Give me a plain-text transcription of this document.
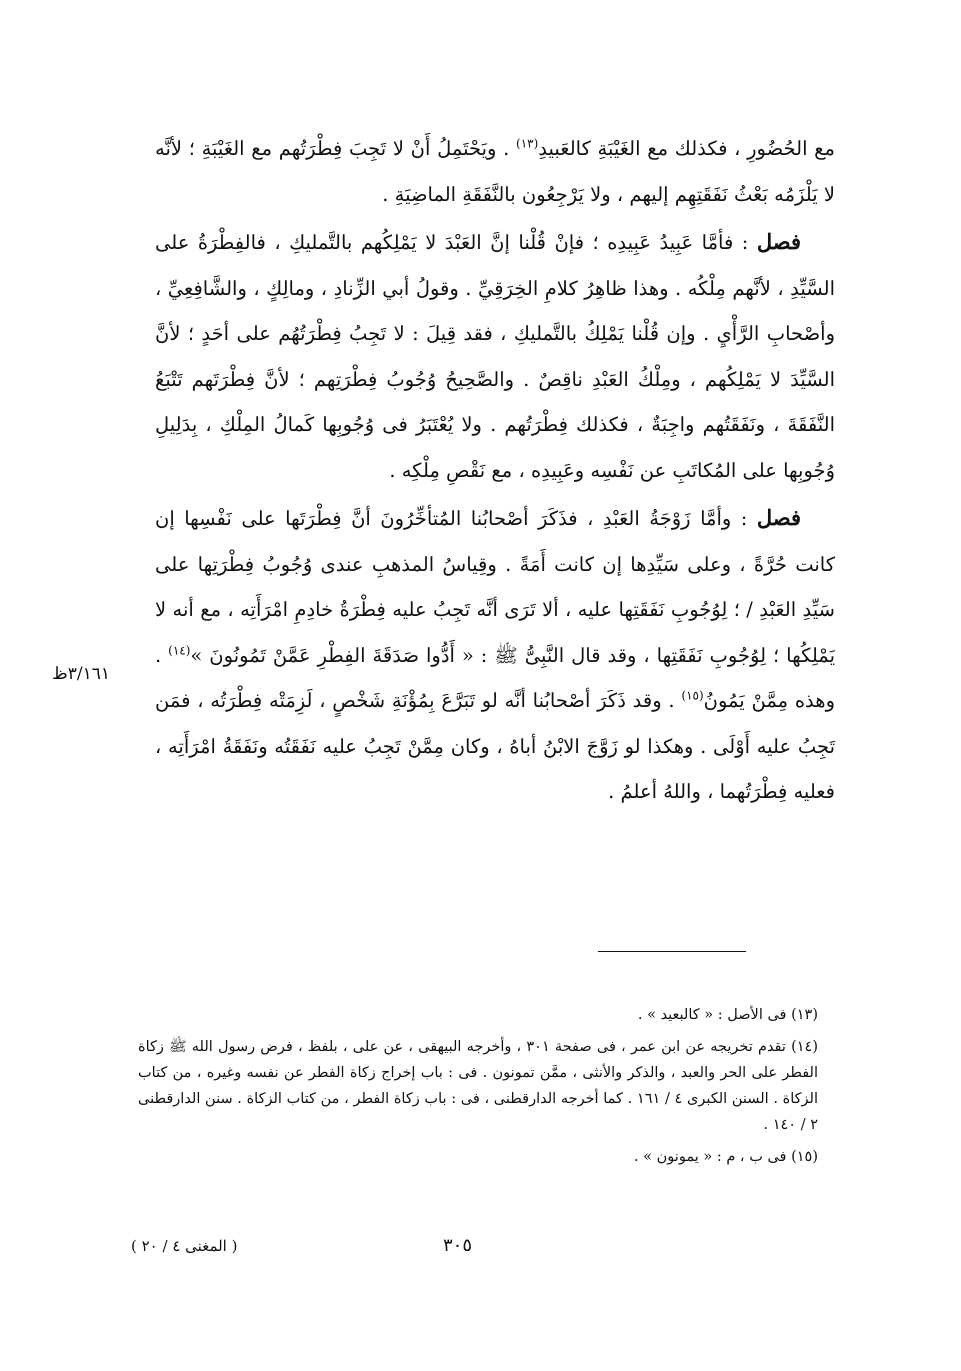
مع الحُضُورِ ، فكذلك مع الغَيْبَةِ كالعَبيدِ$^{(١٣)}$ . ويَحْتَمِلُ أَنْ لا تَجِبَ فِطْرَتُهم مع الغَيْبَةِ ؛ لأنَّه لا يَلْزَمُه بَعْثُ نَفَقَتِهِم إليهم ، ولا يَرْجِعُون بالنَّفَقَةِ الماضِيَةِ .

فصل : فأمَّا عَبِيدُ عَبِيدِه ؛ فإنْ قُلْنا إنَّ العَبْدَ لا يَمْلِكُهم بالتَّمليكِ ، فالفِطْرَةُ على السَّيِّدِ ، لأنَّهم مِلْكُه . وهذا ظاهِرُ كلامِ الخِرَقِيِّ . وقولُ أبي الزِّنادِ ، ومالِكٍ ، والشَّافِعِيِّ ، وأصْحابِ الرَّأْيِ . وإن قُلْنا يَمْلِكُ بالتَّمليكِ ، فقد قِيلَ : لا تَجِبُ فِطْرَتُهُم على أحَدٍ ؛ لأنَّ السَّيِّدَ لا يَمْلِكُهم ، ومِلْكُ العَبْدِ ناقِصٌ . والصَّحِيحُ وُجُوبُ فِطْرَتِهم ؛ لأنَّ فِطْرَتَهم تَتْبَعُ النَّفَقَةَ ، ونَفَقَتُهم واجِبَةٌ ، فكذلك فِطْرَتُهم . ولا يُعْتَبَرُ فى وُجُوبِها كَمالُ المِلْكِ ، بِدَلِيلِ وُجُوبِها على المُكاتَبِ عن نَفْسِه وعَبِيدِه ، مع نَقْصِ مِلْكِه .

فصل : وأمَّا زَوْجَةُ العَبْدِ ، فذَكَرَ أصْحابُنا المُتأخِّرُونَ أنَّ فِطْرَتَها على نَفْسِها إن كانت حُرَّةً ، وعلى سَيِّدِها إن كانت أَمَةً . وقِياسُ المذهبِ عندى وُجُوبُ فِطْرَتِها على سَيِّدِ العَبْدِ / ؛ لِوُجُوبِ نَفَقَتِها عليه ، ألا تَرَى أنَّه تَجِبُ عليه فِطْرَةُ خادِمِ امْرَأَتِه ، مع أنه لا يَمْلِكُها ؛ لِوُجُوبِ نَفَقَتِها ، وقد قال النَّبِىُّ ﷺ : « أَدُّوا صَدَقَةَ الفِطْرِ عَمَّنْ تَمُونُونَ »$^{(١٤)}$ . وهذه مِمَّنْ يَمُونُ$^{(١٥)}$ . وقد ذَكَرَ أصْحابُنا أنَّه لو تَبَرَّعَ بِمُؤْنَةِ شَخْصٍ ، لَزِمَتْه فِطْرَتُه ، فمَن تَجِبُ عليه أَوْلَى . وهكذا لو زَوَّجَ الابْنُ أباهُ ، وكان مِمَّنْ تَجِبُ عليه نَفَقَتُه ونَفَقَةُ امْرَأَتِه ، فعليه فِطْرَتُهما ، واللهُ أعلمُ .

٣/١٦١ظ

(١٣) فى الأصل : « كالبعيد » .

(١٤) تقدم تخريجه عن ابن عمر ، فى صفحة ٣٠١ ، وأخرجه البيهقى ، عن على ، بلفظ ، فرض رسول الله ﷺ زكاة الفطر على الحر والعبد ، والذكر والأنثى ، ممَّن تمونون . فى : باب إخراج زكاة الفطر عن نفسه وغيره ، من كتاب الزكاة . السنن الكبرى ٤ / ١٦١ . كما أخرجه الدارقطنى ، فى : باب زكاة الفطر ، من كتاب الزكاة . سنن الدارقطنى ٢ / ١٤٠ .

(١٥) فى ب ، م : « يمونون » .

٣٠٥
( المغنى ٤ / ٢٠ )
